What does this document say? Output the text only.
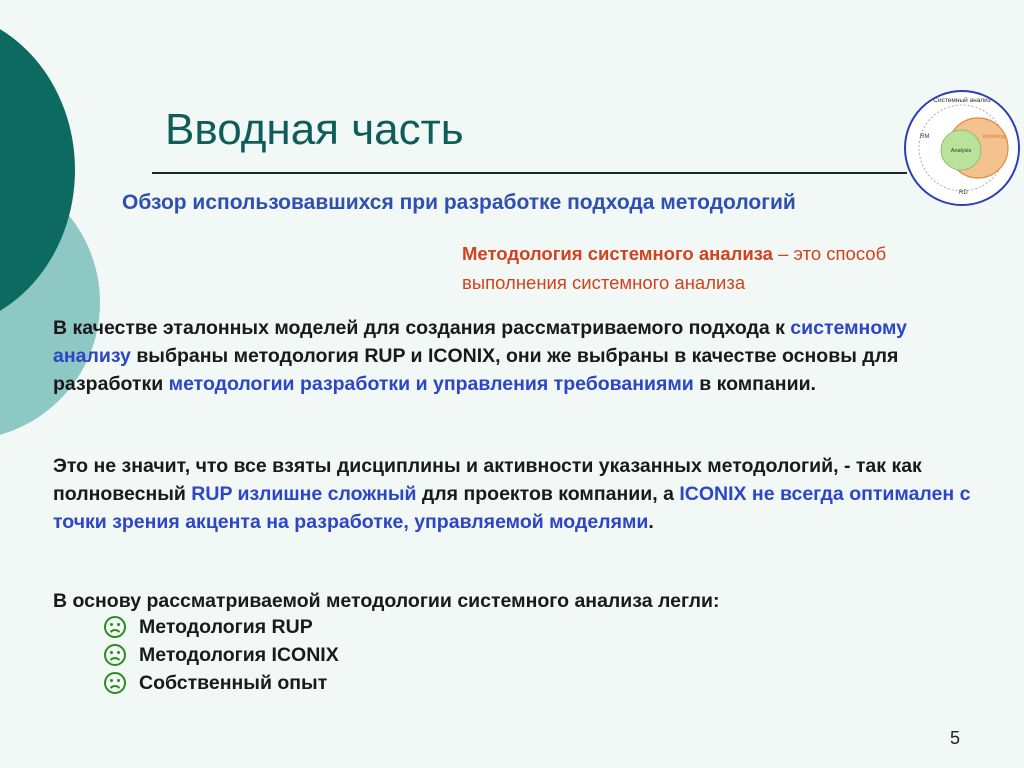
Вводная часть
Системный анализ
RM	Modeling
Analysis
RD
Обзор использовавшихся при разработке подхода методологий
Методология системного анализа – это способ выполнения системного анализа
В качестве эталонных моделей для создания рассматриваемого подхода к системному анализу выбраны методология RUP и ICONIX, они же выбраны в качестве основы для разработки методологии разработки и управления требованиями в компании.
Это не значит, что все взяты дисциплины и активности указанных методологий, - так как полновесный RUP излишне сложный для проектов компании, а ICONIX не всегда оптимален с точки зрения акцента на разработке, управляемой моделями.
В основу рассматриваемой методологии системного анализа легли:
Методология RUP
Методология ICONIX
Собственный опыт
5
